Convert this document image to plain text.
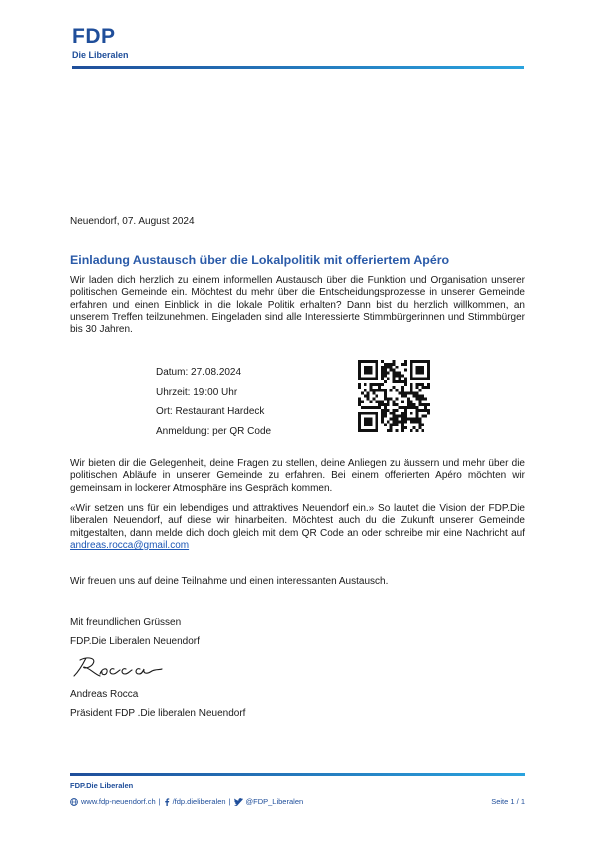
FDP
Die Liberalen
Neuendorf, 07. August 2024
Einladung Austausch über die Lokalpolitik mit offeriertem Apéro
Wir laden dich herzlich zu einem informellen Austausch über die Funktion und Organisation unserer politischen Gemeinde ein. Möchtest du mehr über die Entscheidungsprozesse in unserer Gemeinde erfahren und einen Einblick in die lokale Politik erhalten? Dann bist du herzlich willkommen, an unserem Treffen teilzunehmen. Eingeladen sind alle Interessierte Stimmbürgerinnen und Stimmbürger bis 30 Jahren.
Datum: 27.08.2024
Uhrzeit: 19:00 Uhr
Ort: Restaurant Hardeck
Anmeldung: per QR Code
Wir bieten dir die Gelegenheit, deine Fragen zu stellen, deine Anliegen zu äussern und mehr über die politischen Abläufe in unserer Gemeinde zu erfahren. Bei einem offerierten Apéro möchten wir gemeinsam in lockerer Atmosphäre ins Gespräch kommen.
«Wir setzen uns für ein lebendiges und attraktives Neuendorf ein.» So lautet die Vision der FDP.Die liberalen Neuendorf, auf diese wir hinarbeiten. Möchtest auch du die Zukunft unserer Gemeinde mitgestalten, dann melde dich doch gleich mit dem QR Code an oder schreibe mir eine Nachricht auf andreas.rocca@gmail.com
Wir freuen uns auf deine Teilnahme und einen interessanten Austausch.
Mit freundlichen Grüssen
FDP.Die Liberalen Neuendorf
Andreas Rocca
Präsident FDP .Die liberalen Neuendorf
FDP.Die Liberalen
www.fdp-neuendorf.ch | /fdp.dieliberalen | @FDP_Liberalen	Seite 1 / 1
